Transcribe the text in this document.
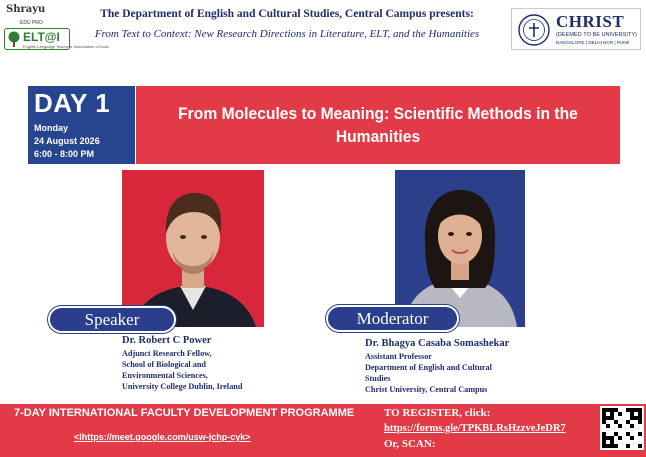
Shrayu
EDU PRO
ELT@I
English Language Teachers' Association of India
The Department of English and Cultural Studies, Central Campus presents:
From Text to Context: New Research Directions in Literature, ELT, and the Humanities
CHRIST
(DEEMED TO BE UNIVERSITY)
BANGALORE | DELHI NCR | PUNE
DAY 1
Monday
24 August 2026
6:00 - 8:00 PM
From Molecules to Meaning: Scientific Methods in the Humanities
Speaker	Moderator
Dr. Robert C Power
Adjunct Research Fellow,
School of Biological and
Environmental Sciences,
University College Dublin, Ireland
Dr. Bhagya Casaba Somashekar
Assistant Professor
Department of English and Cultural
Studies
Christ University, Central Campus
7-DAY INTERNATIONAL FACULTY DEVELOPMENT PROGRAMME
<lhttps://meet.google.com/usw-jchp-cyk>
TO REGISTER, click:
https://forms.gle/TPKBLRsHzzveJeDR7
Or, SCAN:
